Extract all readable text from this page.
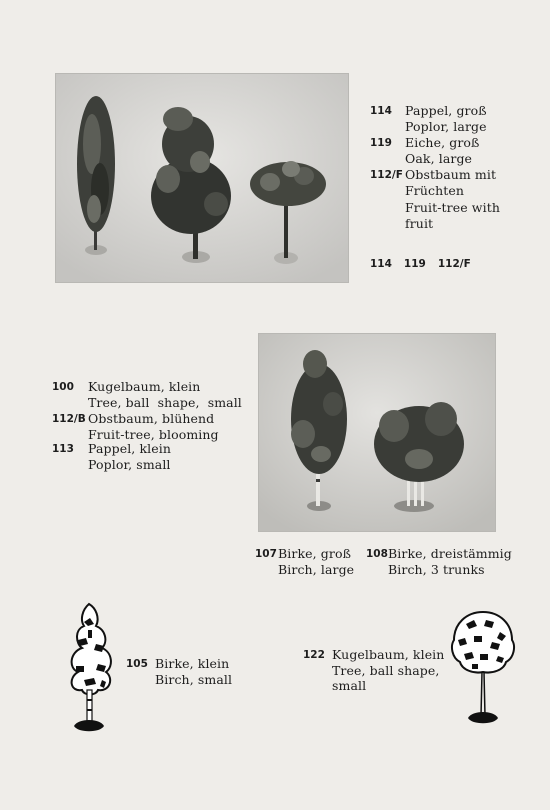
114 Pappel, groß
Poplor, large
119 Eiche, groß
Oak, large
112/F Obstbaum mit
Früchten
Fruit-tree with
fruit
114 119 112/F
100 Kugelbaum, klein
Tree, ball  shape,  small
112/B Obstbaum, blühend
Fruit-tree, blooming
113 Pappel, klein
Poplor, small
107 Birke, groß
Birch, large
108 Birke, dreistämmig
Birch, 3 trunks
105 Birke, klein
Birch, small
122 Kugelbaum, klein
Tree, ball shape,
small
